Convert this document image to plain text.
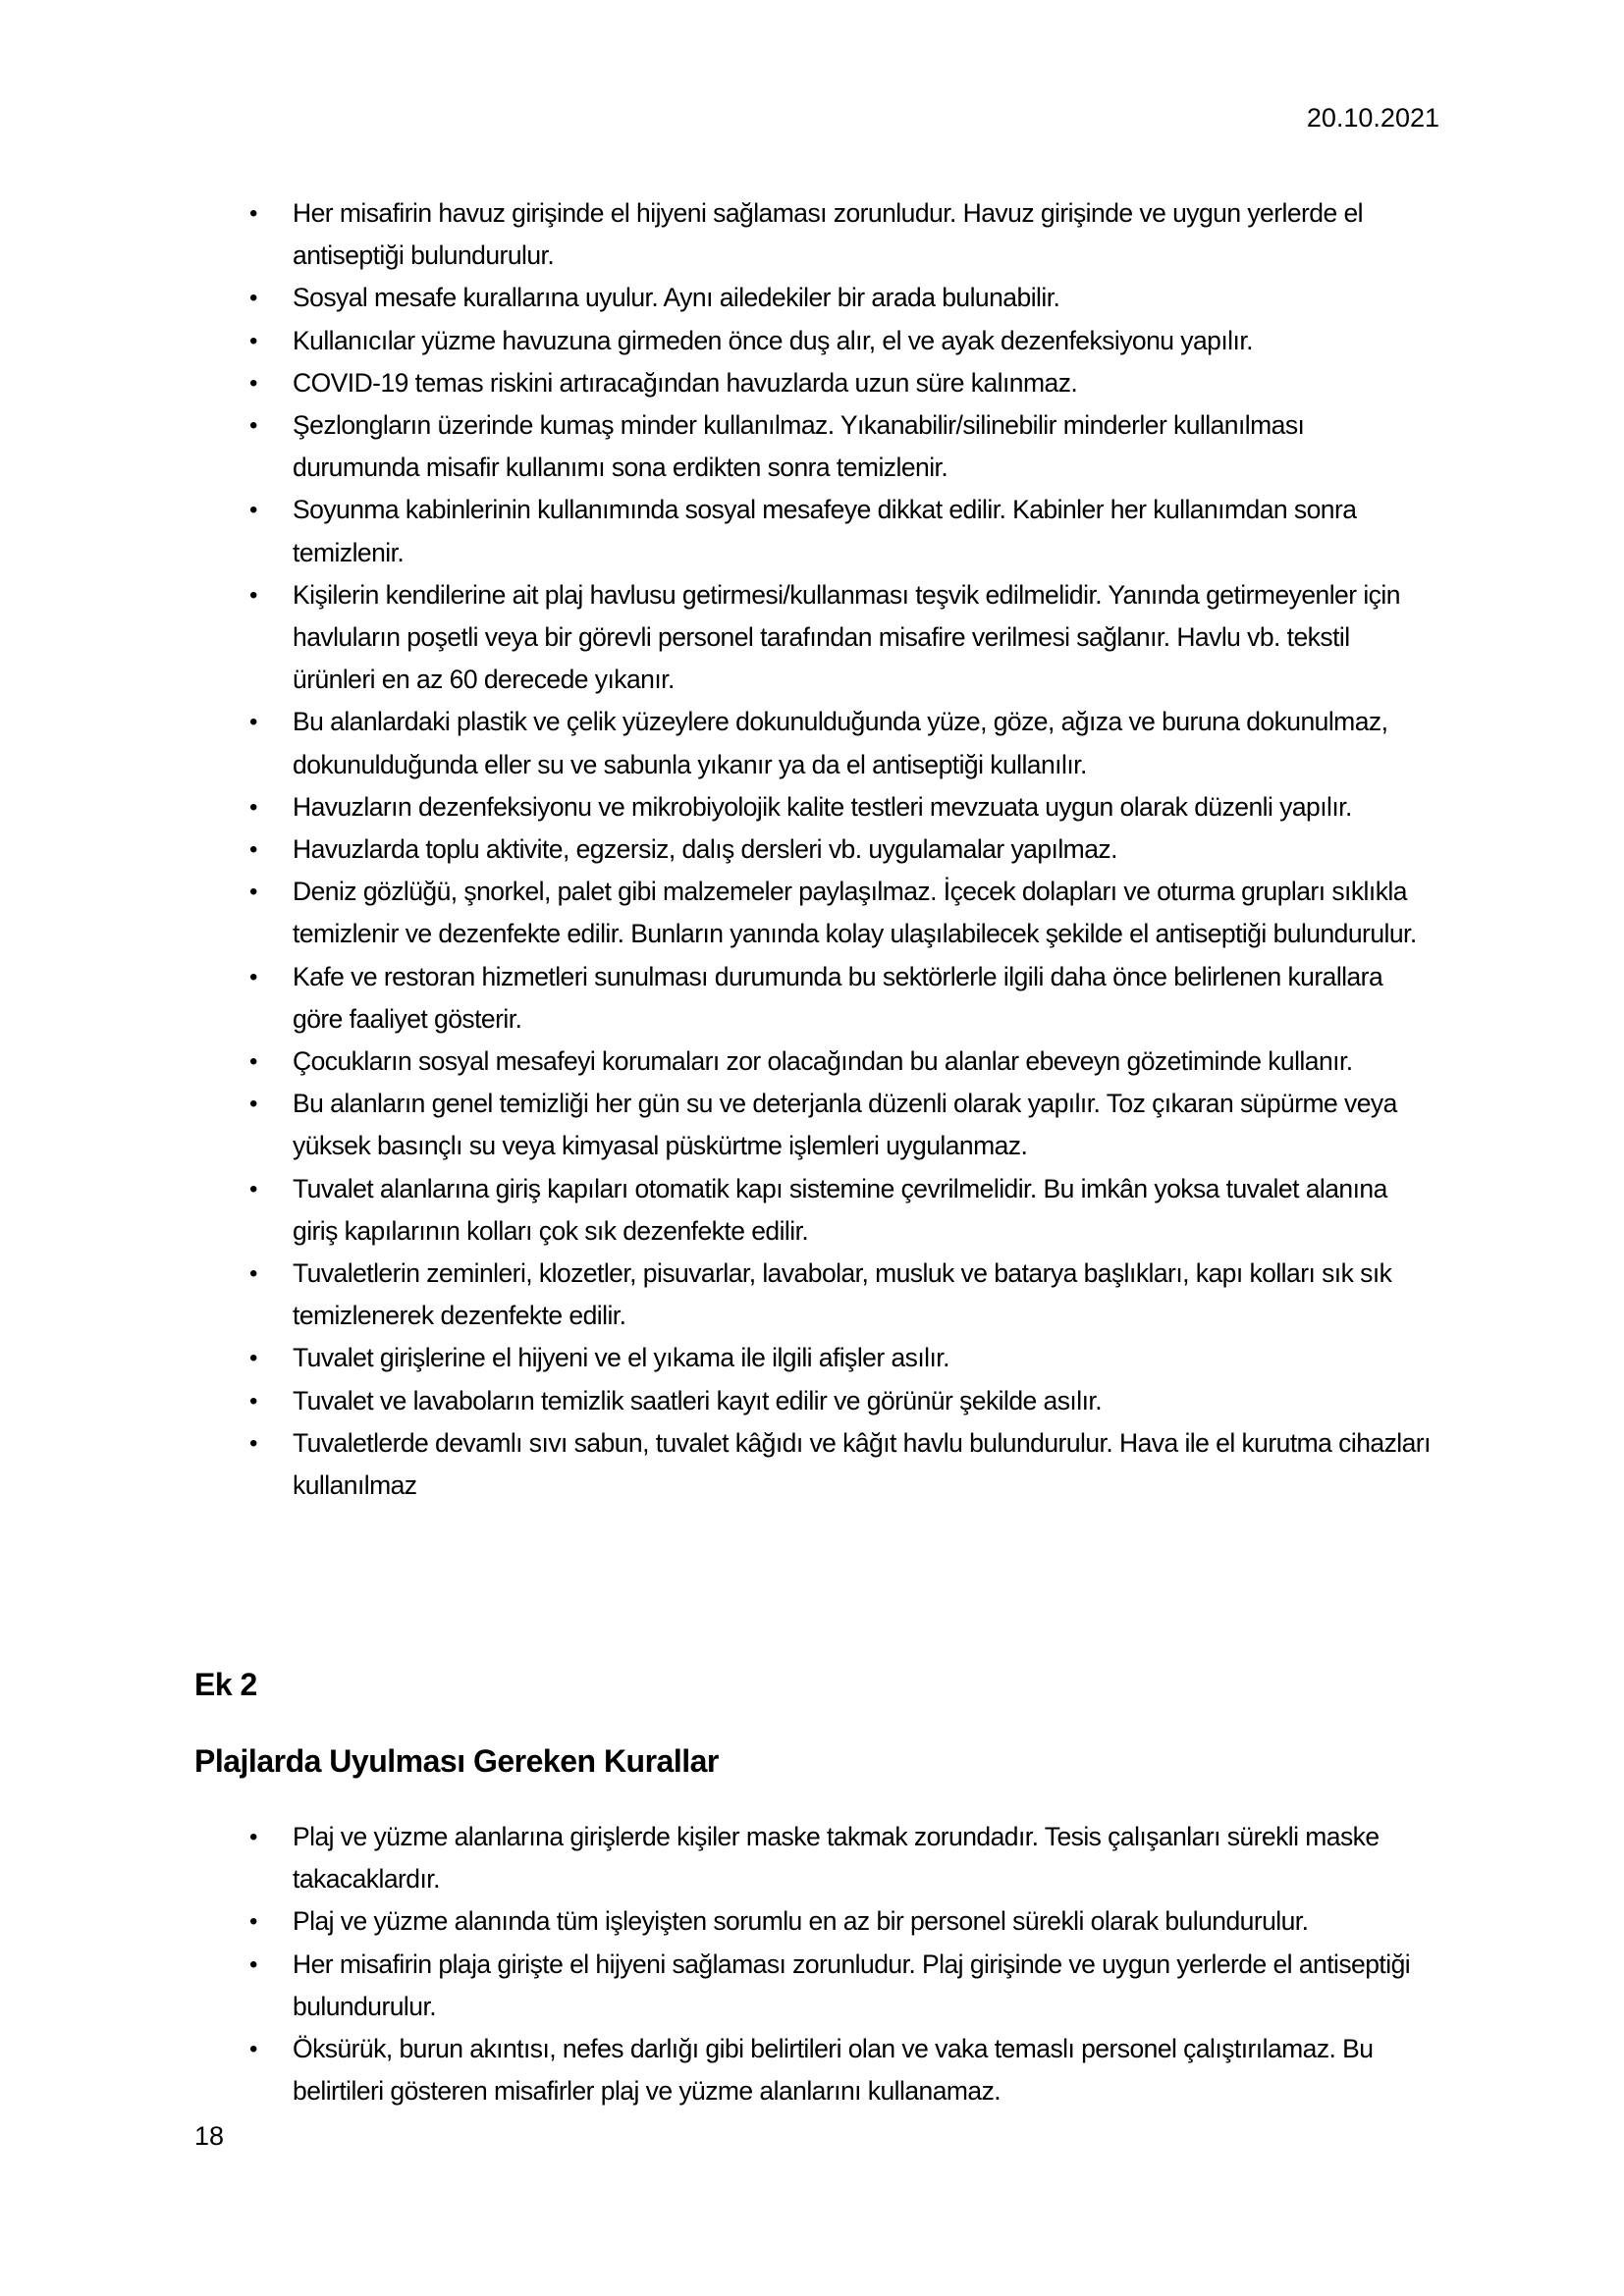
20.10.2021
• Her misafirin havuz girişinde el hijyeni sağlaması zorunludur. Havuz girişinde ve uygun yerlerde el antiseptiği bulundurulur.
• Sosyal mesafe kurallarına uyulur. Aynı ailedekiler bir arada bulunabilir.
• Kullanıcılar yüzme havuzuna girmeden önce duş alır, el ve ayak dezenfeksiyonu yapılır.
• COVID-19 temas riskini artıracağından havuzlarda uzun süre kalınmaz.
• Şezlongların üzerinde kumaş minder kullanılmaz. Yıkanabilir/silinebilir minderler kullanılması durumunda misafir kullanımı sona erdikten sonra temizlenir.
• Soyunma kabinlerinin kullanımında sosyal mesafeye dikkat edilir. Kabinler her kullanımdan sonra temizlenir.
• Kişilerin kendilerine ait plaj havlusu getirmesi/kullanması teşvik edilmelidir. Yanında getirmeyenler için havluların poşetli veya bir görevli personel tarafından misafire verilmesi sağlanır. Havlu vb. tekstil ürünleri en az 60 derecede yıkanır.
• Bu alanlardaki plastik ve çelik yüzeylere dokunulduğunda yüze, göze, ağıza ve buruna dokunulmaz, dokunulduğunda eller su ve sabunla yıkanır ya da el antiseptiği kullanılır.
• Havuzların dezenfeksiyonu ve mikrobiyolojik kalite testleri mevzuata uygun olarak düzenli yapılır.
• Havuzlarda toplu aktivite, egzersiz, dalış dersleri vb. uygulamalar yapılmaz.
• Deniz gözlüğü, şnorkel, palet gibi malzemeler paylaşılmaz. İçecek dolapları ve oturma grupları sıklıkla temizlenir ve dezenfekte edilir. Bunların yanında kolay ulaşılabilecek şekilde el antiseptiği bulundurulur.
• Kafe ve restoran hizmetleri sunulması durumunda bu sektörlerle ilgili daha önce belirlenen kurallara göre faaliyet gösterir.
• Çocukların sosyal mesafeyi korumaları zor olacağından bu alanlar ebeveyn gözetiminde kullanır.
• Bu alanların genel temizliği her gün su ve deterjanla düzenli olarak yapılır. Toz çıkaran süpürme veya yüksek basınçlı su veya kimyasal püskürtme işlemleri uygulanmaz.
• Tuvalet alanlarına giriş kapıları otomatik kapı sistemine çevrilmelidir. Bu imkân yoksa tuvalet alanına giriş kapılarının kolları çok sık dezenfekte edilir.
• Tuvaletlerin zeminleri, klozetler, pisuvarlar, lavabolar, musluk ve batarya başlıkları, kapı kolları sık sık temizlenerek dezenfekte edilir.
• Tuvalet girişlerine el hijyeni ve el yıkama ile ilgili afişler asılır.
• Tuvalet ve lavaboların temizlik saatleri kayıt edilir ve görünür şekilde asılır.
• Tuvaletlerde devamlı sıvı sabun, tuvalet kâğıdı ve kâğıt havlu bulundurulur. Hava ile el kurutma cihazları kullanılmaz
Ek 2
Plajlarda Uyulması Gereken Kurallar
• Plaj ve yüzme alanlarına girişlerde kişiler maske takmak zorundadır. Tesis çalışanları sürekli maske takacaklardır.
• Plaj ve yüzme alanında tüm işleyişten sorumlu en az bir personel sürekli olarak bulundurulur.
• Her misafirin plaja girişte el hijyeni sağlaması zorunludur. Plaj girişinde ve uygun yerlerde el antiseptiği bulundurulur.
• Öksürük, burun akıntısı, nefes darlığı gibi belirtileri olan ve vaka temaslı personel çalıştırılamaz. Bu belirtileri gösteren misafirler plaj ve yüzme alanlarını kullanamaz.
18
